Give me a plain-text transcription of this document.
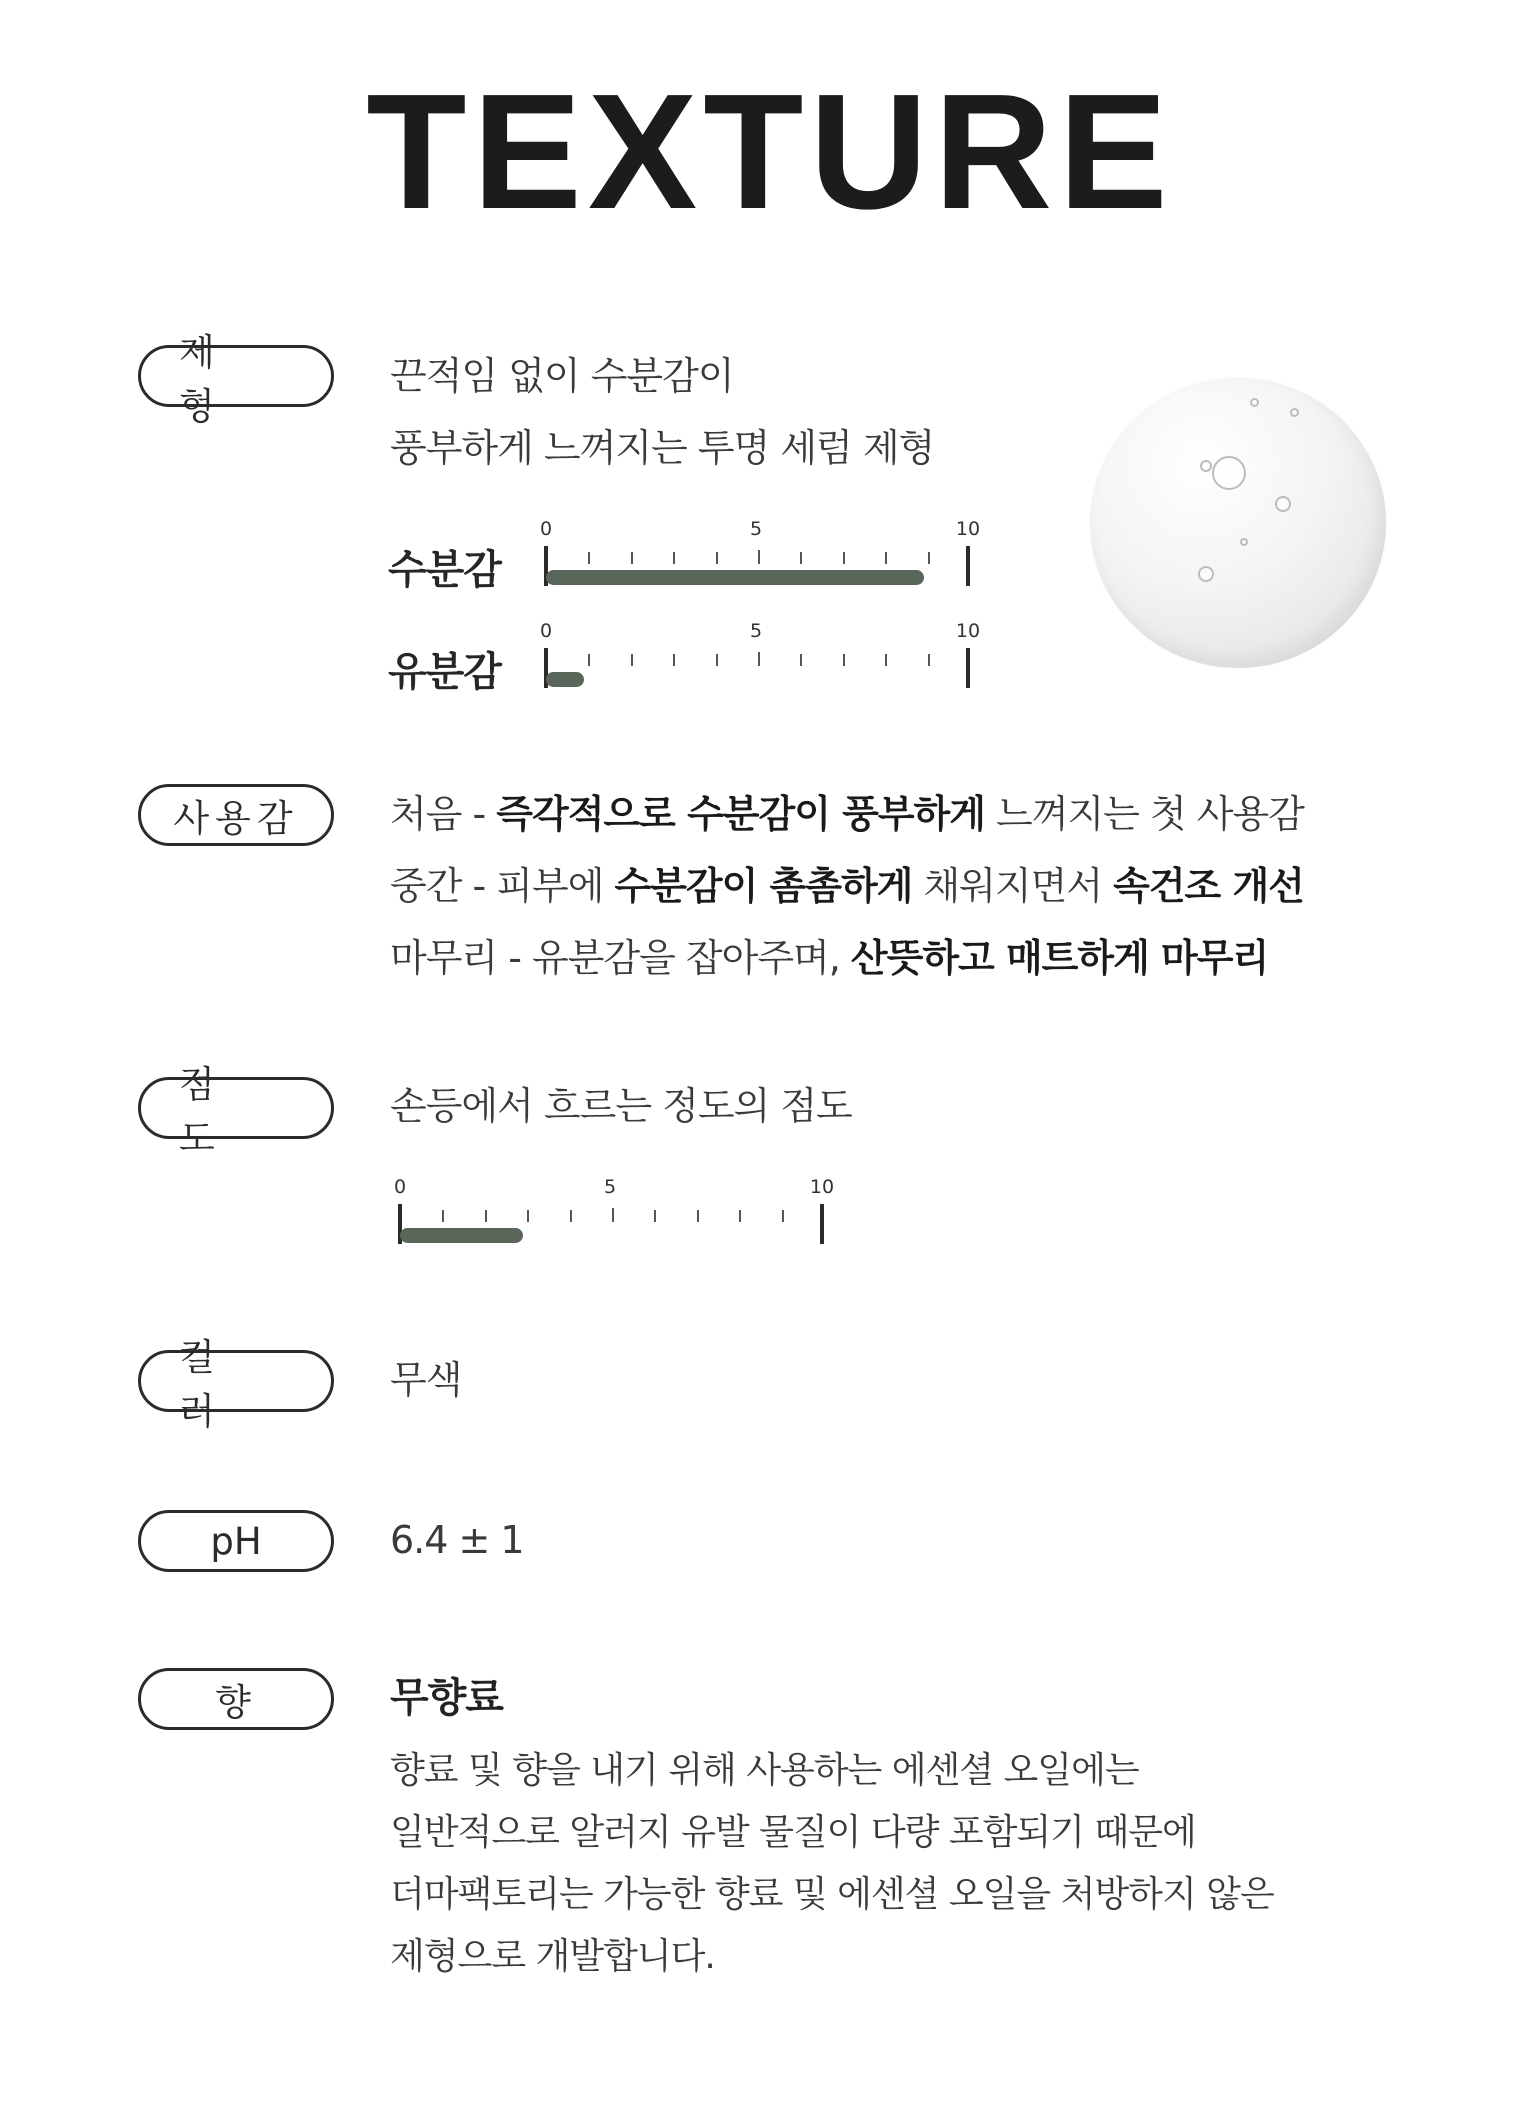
TEXTURE
제 형
끈적임 없이 수분감이
풍부하게 느껴지는 투명 세럼 제형
수분감
0	5	10
유분감
0	5	10
사용감	처음 - 즉각적으로 수분감이 풍부하게 느껴지는 첫 사용감
중간 - 피부에 수분감이 촘촘하게 채워지면서 속건조 개선
마무리 - 유분감을 잡아주며, 산뜻하고 매트하게 마무리
점 도
손등에서 흐르는 정도의 점도
0	5	10
컬 러
무색
pH	6.4 ± 1
향	무향료
향료 및 향을 내기 위해 사용하는 에센셜 오일에는
일반적으로 알러지 유발 물질이 다량 포함되기 때문에
더마팩토리는 가능한 향료 및 에센셜 오일을 처방하지 않은
제형으로 개발합니다.
